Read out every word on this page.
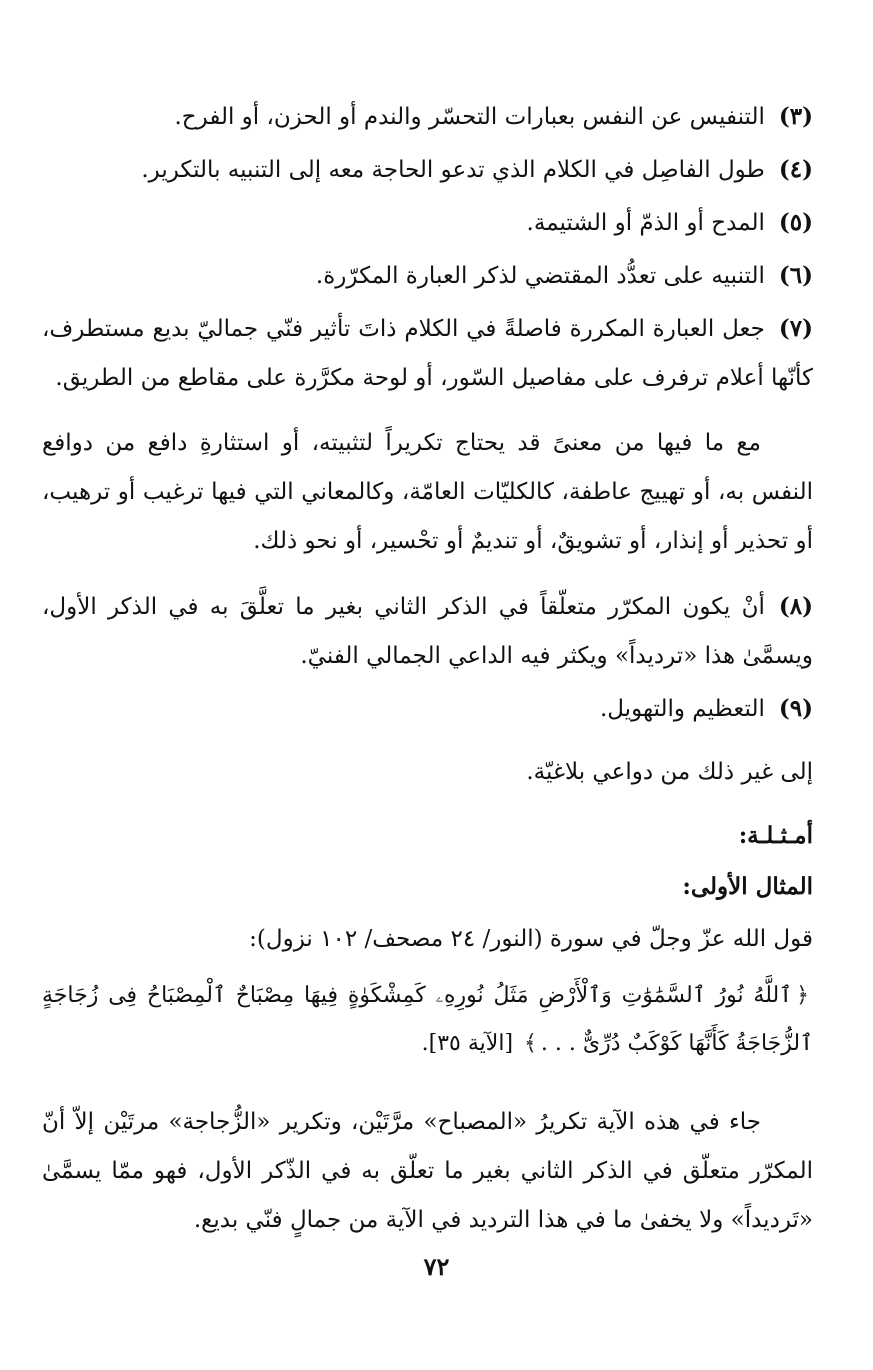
(٣)التنفيس عن النفس بعبارات التحسّر والندم أو الحزن، أو الفرح.
(٤)طول الفاصِل في الكلام الذي تدعو الحاجة معه إلى التنبيه بالتكرير.
(٥)المدح أو الذمّ أو الشتيمة.
(٦)التنبيه على تعدُّد المقتضي لذكر العبارة المكرّرة.
(٧)جعل العبارة المكررة فاصلةً في الكلام ذاتَ تأثير فنّي جماليّ بديع مستطرف، كأنّها أعلام ترفرف على مفاصيل السّور، أو لوحة مكرَّرة على مقاطع من الطريق.

مع ما فيها من معنىً قد يحتاج تكريراً لتثبيته، أو استثارةِ دافع من دوافع النفس به، أو تهييج عاطفة، كالكليّات العامّة، وكالمعاني التي فيها ترغيب أو ترهيب، أو تحذير أو إنذار، أو تشويقٌ، أو تنديمٌ أو تحْسير، أو نحو ذلك.

(٨)أنْ يكون المكرّر متعلّقاً في الذكر الثاني بغير ما تعلَّقَ به في الذكر الأول، ويسمَّىٰ هذا «ترديداً» ويكثر فيه الداعي الجمالي الفنيّ.
(٩)التعظيم والتهويل.

إلى غير ذلك من دواعي بلاغيّة.

أمـثـلـة:

المثال الأولى:

قول الله عزّ وجلّ في سورة (النور/ ٢٤ مصحف/ ١٠٢ نزول):

﴿ٱللَّهُ نُورُ ٱلسَّمَٰوَٰتِ وَٱلْأَرْضِ مَثَلُ نُورِهِۦ كَمِشْكَوٰةٍ فِيهَا مِصْبَاحٌ ٱلْمِصْبَاحُ فِى زُجَاجَةٍ ٱلزُّجَاجَةُ كَأَنَّهَا كَوْكَبٌ دُرِّىٌّ . . .﴾ [الآية ٣٥].

جاء في هذه الآية تكريرُ «المصباح» مرَّتَيْن، وتكرير «الزُّجاجة» مرتَيْن إلاّ أنّ المكرّر متعلّق في الذكر الثاني بغير ما تعلّق به في الذّكر الأول، فهو ممّا يسمَّىٰ «تَرديداً» ولا يخفىٰ ما في هذا الترديد في الآية من جمالٍ فنّي بديع.

٧٢
